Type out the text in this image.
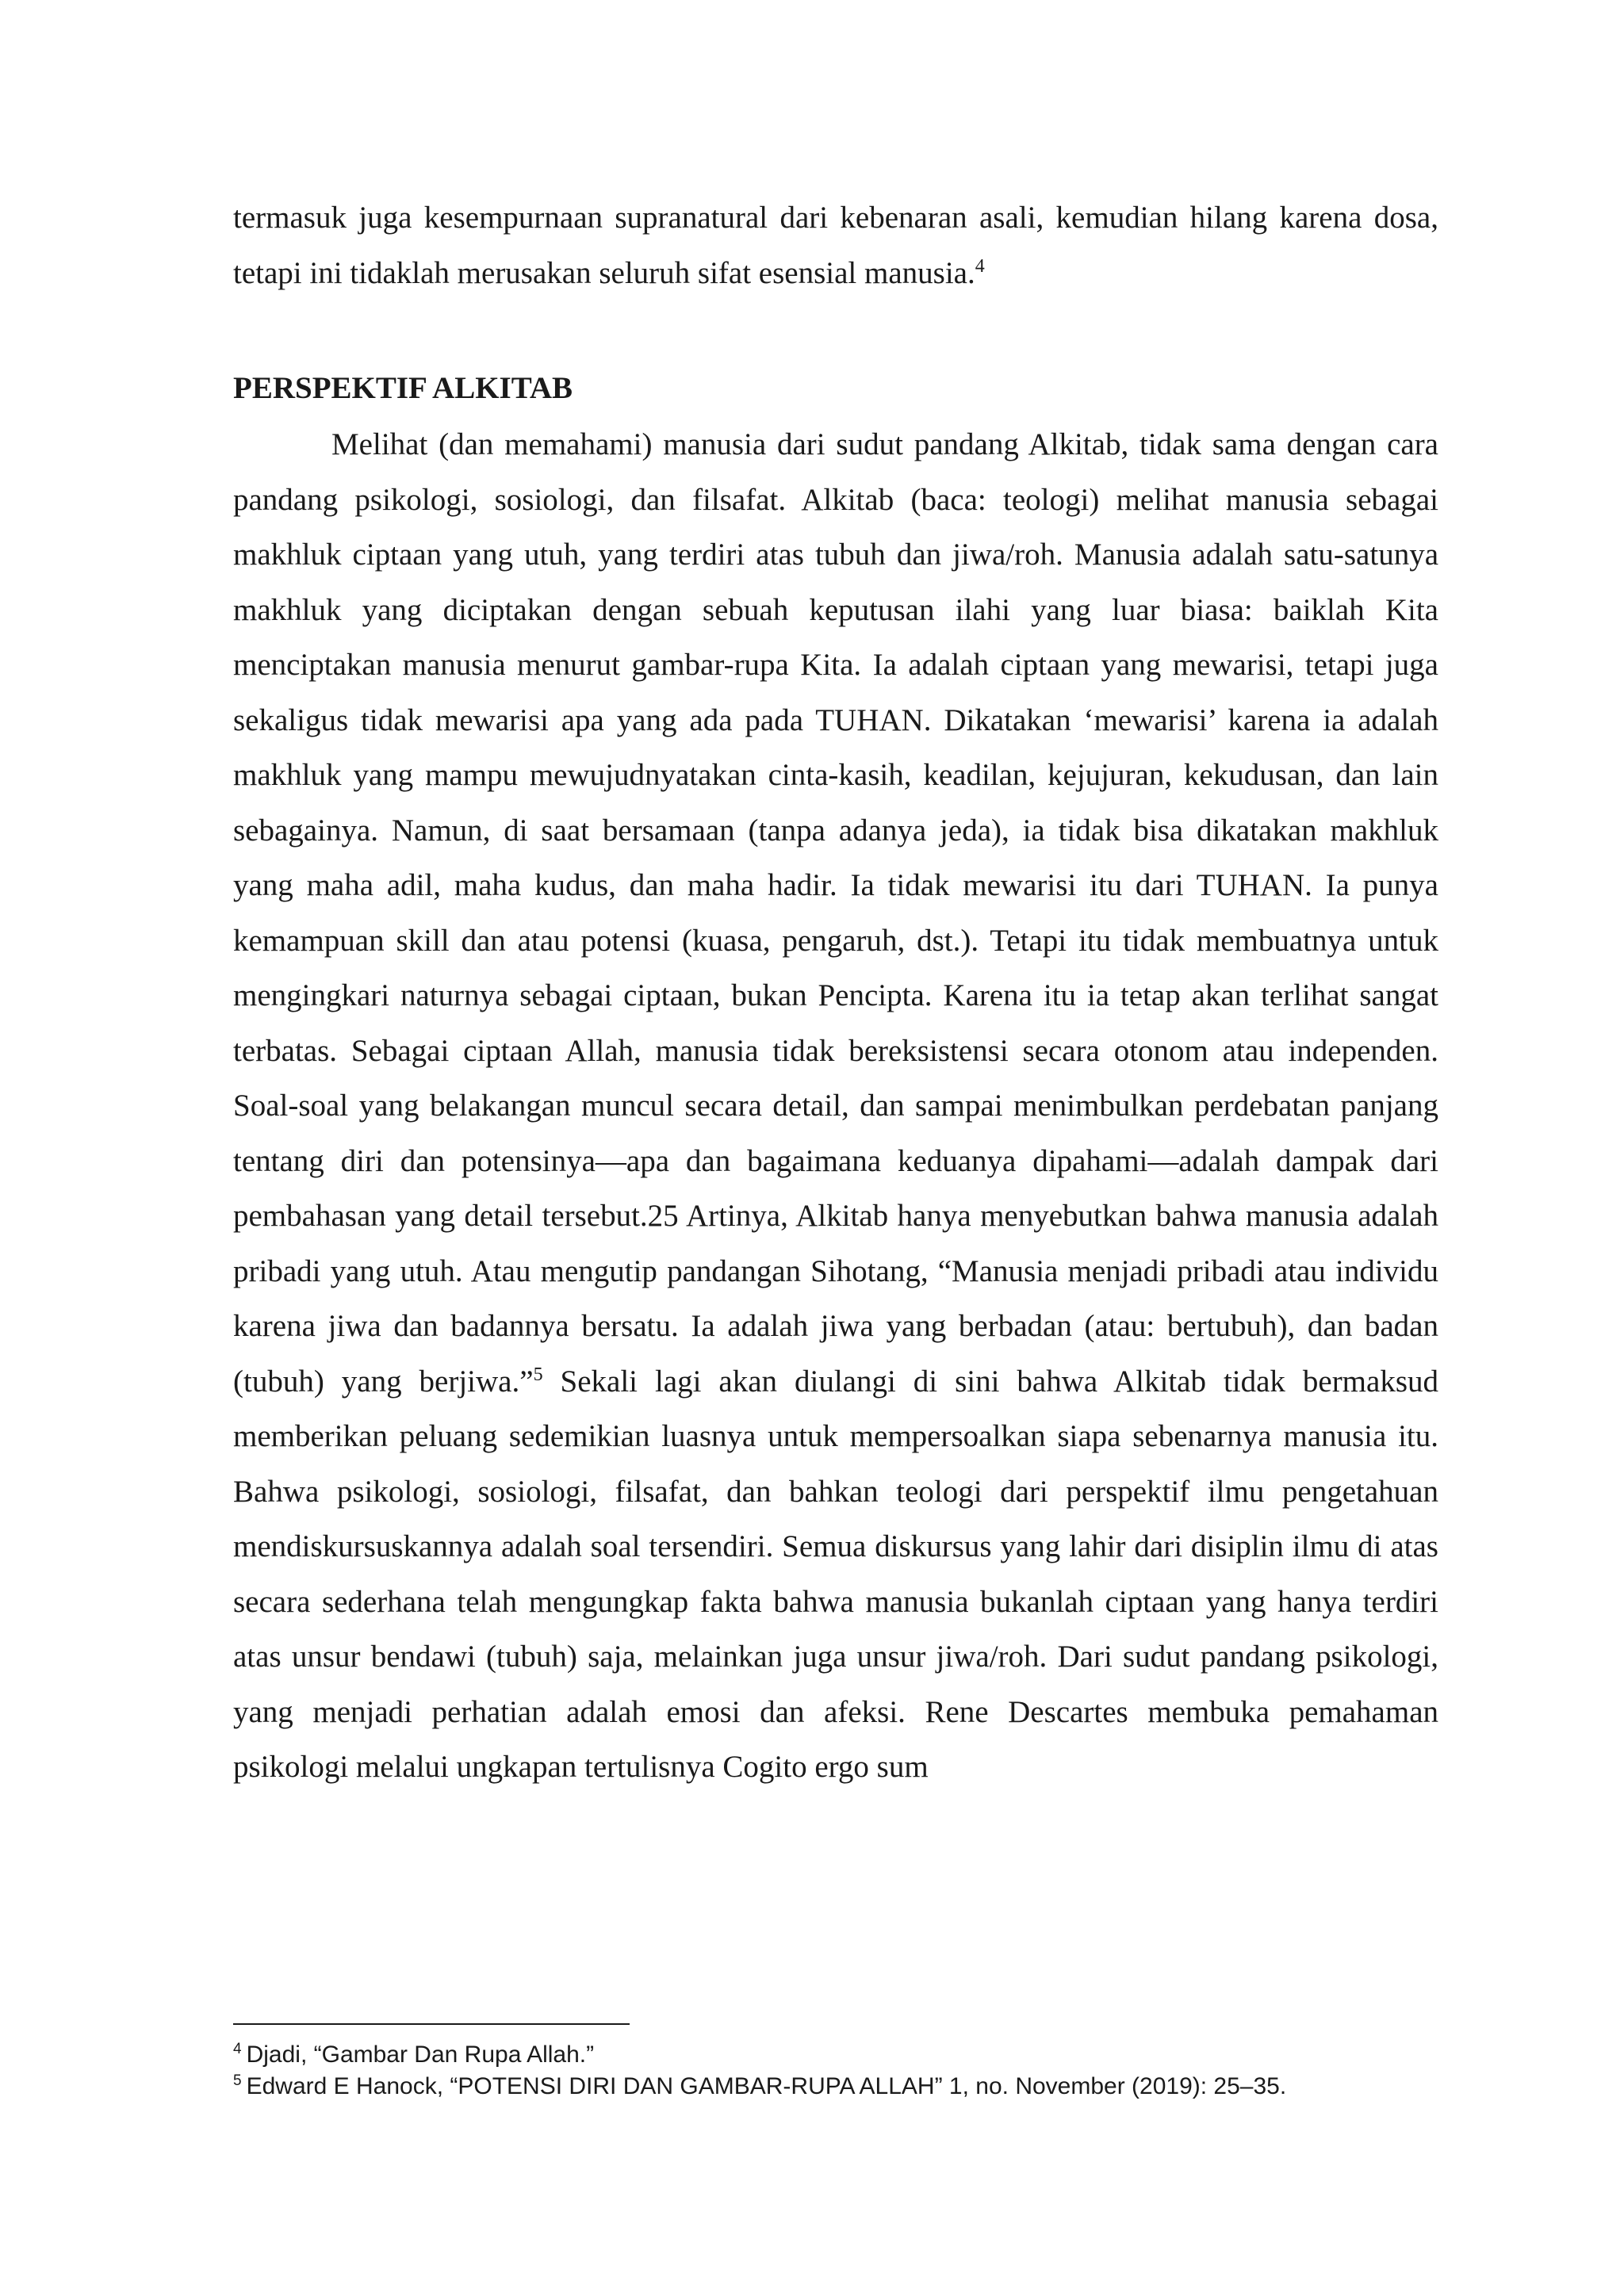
termasuk juga kesempurnaan supranatural dari kebenaran asali, kemudian hilang karena dosa, tetapi ini tidaklah merusakan seluruh sifat esensial manusia.$^4$

PERSPEKTIF ALKITAB

Melihat (dan memahami) manusia dari sudut pandang Alkitab, tidak sama dengan cara pandang psikologi, sosiologi, dan filsafat. Alkitab (baca: teologi) melihat manusia sebagai makhluk ciptaan yang utuh, yang terdiri atas tubuh dan jiwa/roh. Manusia adalah satu-satunya makhluk yang diciptakan dengan sebuah keputusan ilahi yang luar biasa: baiklah Kita menciptakan manusia menurut gambar-rupa Kita. Ia adalah ciptaan yang mewarisi, tetapi juga sekaligus tidak mewarisi apa yang ada pada TUHAN. Dikatakan ‘mewarisi’ karena ia adalah makhluk yang mampu mewujudnyatakan cinta-kasih, keadilan, kejujuran, kekudusan, dan lain sebagainya. Namun, di saat bersamaan (tanpa adanya jeda), ia tidak bisa dikatakan makhluk yang maha adil, maha kudus, dan maha hadir. Ia tidak mewarisi itu dari TUHAN. Ia punya kemampuan skill dan atau potensi (kuasa, pengaruh, dst.). Tetapi itu tidak membuatnya untuk mengingkari naturnya sebagai ciptaan, bukan Pencipta. Karena itu ia tetap akan terlihat sangat terbatas. Sebagai ciptaan Allah, manusia tidak bereksistensi secara otonom atau independen. Soal-soal yang belakangan muncul secara detail, dan sampai menimbulkan perdebatan panjang tentang diri dan potensinya—apa dan bagaimana keduanya dipahami—adalah dampak dari pembahasan yang detail tersebut.25 Artinya, Alkitab hanya menyebutkan bahwa manusia adalah pribadi yang utuh. Atau mengutip pandangan Sihotang, “Manusia menjadi pribadi atau individu karena jiwa dan badannya bersatu. Ia adalah jiwa yang berbadan (atau: bertubuh), dan badan (tubuh) yang berjiwa.”$^5$ Sekali lagi akan diulangi di sini bahwa Alkitab tidak bermaksud memberikan peluang sedemikian luasnya untuk mempersoalkan siapa sebenarnya manusia itu. Bahwa psikologi, sosiologi, filsafat, dan bahkan teologi dari perspektif ilmu pengetahuan mendiskursuskannya adalah soal tersendiri. Semua diskursus yang lahir dari disiplin ilmu di atas secara sederhana telah mengungkap fakta bahwa manusia bukanlah ciptaan yang hanya terdiri atas unsur bendawi (tubuh) saja, melainkan juga unsur jiwa/roh. Dari sudut pandang psikologi, yang menjadi perhatian adalah emosi dan afeksi. Rene Descartes membuka pemahaman psikologi melalui ungkapan tertulisnya Cogito ergo sum

$^4$ Djadi, “Gambar Dan Rupa Allah.”

$^5$ Edward E Hanock, “POTENSI DIRI DAN GAMBAR-RUPA ALLAH” 1, no. November (2019): 25–35.
